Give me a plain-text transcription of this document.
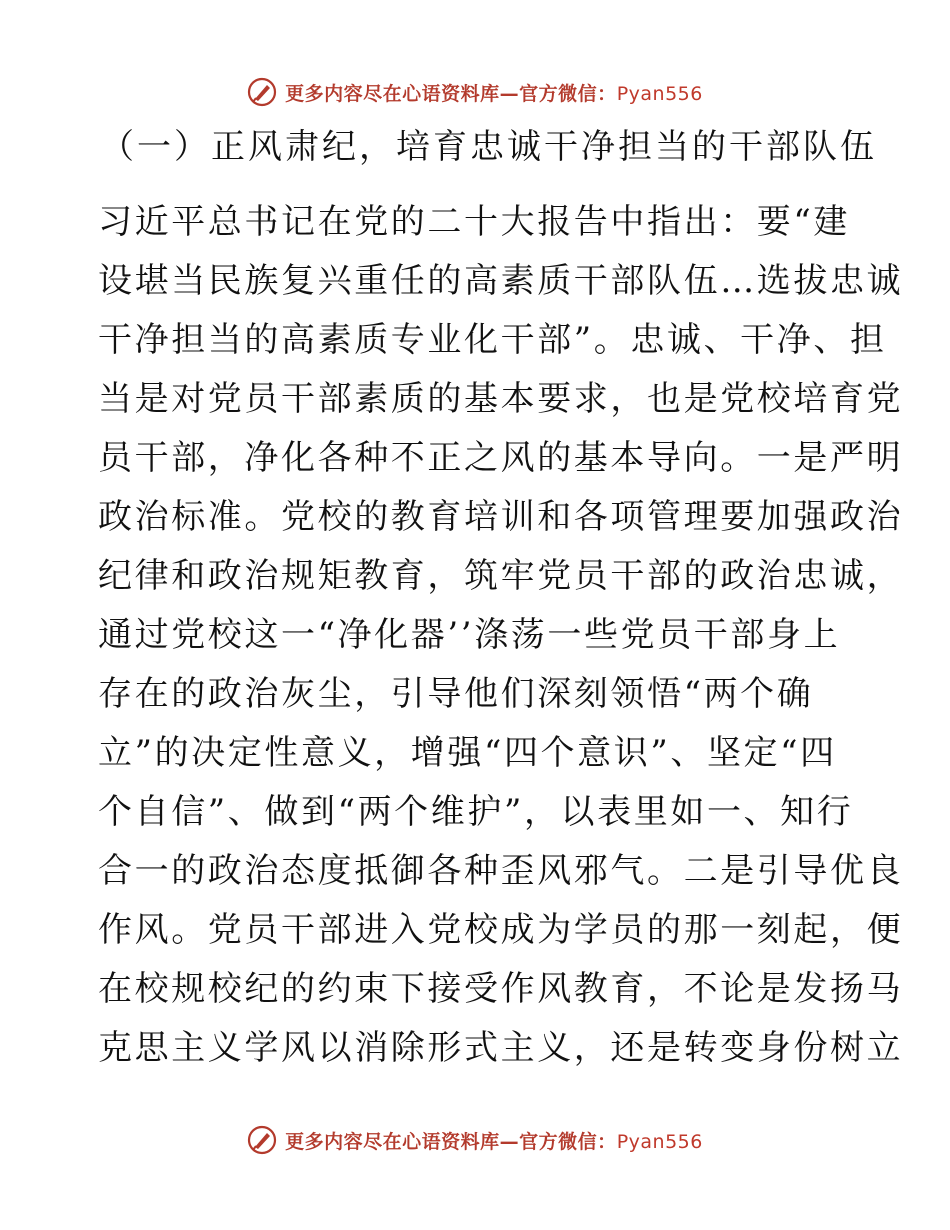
更多内容尽在心语资料库—官方微信：Pyan556
（一）正风肃纪，培育忠诚干净担当的干部队伍
习近平总书记在党的二十大报告中指出：要“建
设堪当民族复兴重任的高素质干部队伍…选拔忠诚
干净担当的高素质专业化干部”。忠诚、干净、担
当是对党员干部素质的基本要求，也是党校培育党
员干部，净化各种不正之风的基本导向。一是严明
政治标准。党校的教育培训和各项管理要加强政治
纪律和政治规矩教育，筑牢党员干部的政治忠诚，
通过党校这一“净化器’’涤荡一些党员干部身上
存在的政治灰尘，引导他们深刻领悟“两个确
立”的决定性意义，增强“四个意识”、坚定“四
个自信”、做到“两个维护”，以表里如一、知行
合一的政治态度抵御各种歪风邪气。二是引导优良
作风。党员干部进入党校成为学员的那一刻起，便
在校规校纪的约束下接受作风教育，不论是发扬马
克思主义学风以消除形式主义，还是转变身份树立
更多内容尽在心语资料库—官方微信：Pyan556
